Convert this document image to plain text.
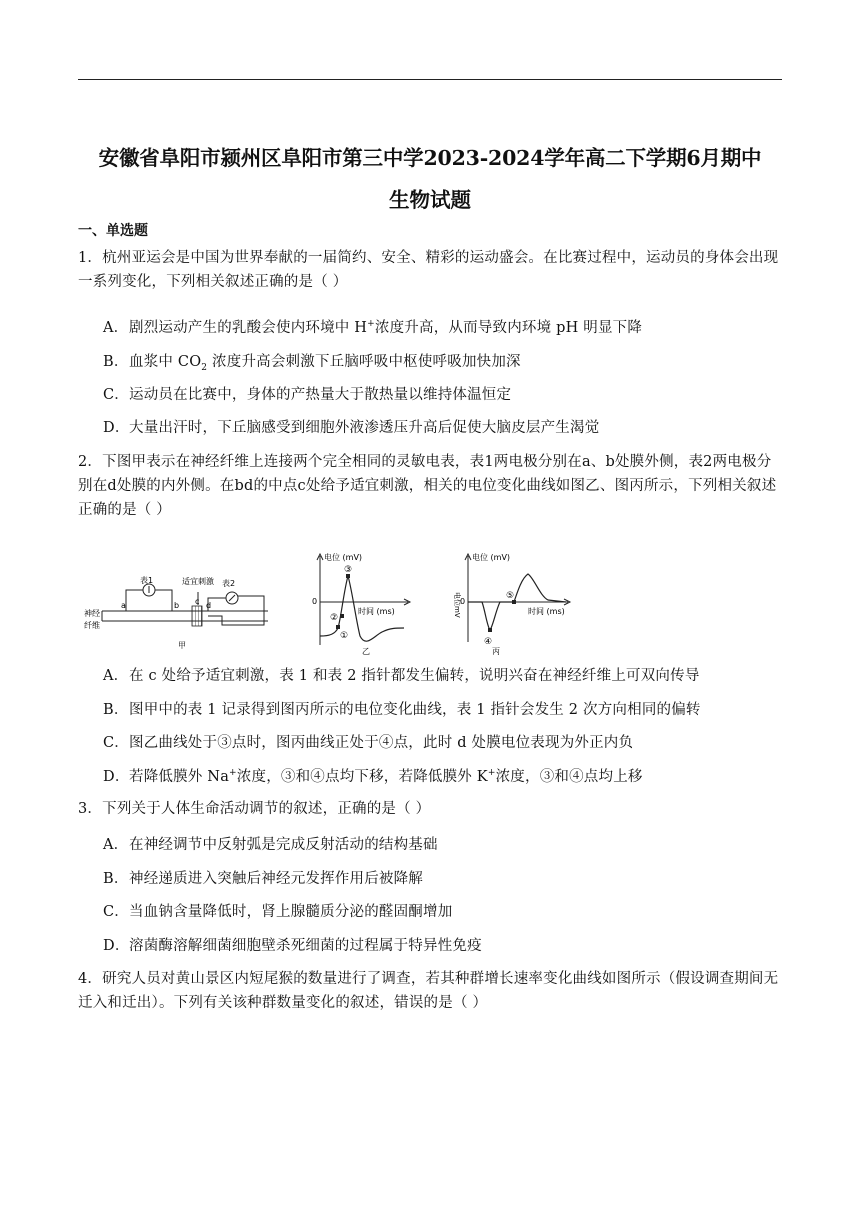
安徽省阜阳市颍州区阜阳市第三中学2023-2024学年高二下学期6月期中
生物试题
一、单选题

1．杭州亚运会是中国为世界奉献的一届简约、安全、精彩的运动盛会。在比赛过程中，运动员的身体会出现一系列变化，下列相关叙述正确的是（ ）

A．剧烈运动产生的乳酸会使内环境中 H+浓度升高，从而导致内环境 pH 明显下降
B．血浆中 $CO_2$ 浓度升高会刺激下丘脑呼吸中枢使呼吸加快加深
C．运动员在比赛中，身体的产热量大于散热量以维持体温恒定
D．大量出汗时，下丘脑感受到细胞外液渗透压升高后促使大脑皮层产生渴觉

2．下图甲表示在神经纤维上连接两个完全相同的灵敏电表，表1两电极分别在a、b处膜外侧，表2两电极分别在d处膜的内外侧。在bd的中点c处给予适宜刺激，相关的电位变化曲线如图乙、图丙所示，下列相关叙述正确的是（ ）

神经
纤维
表1	表2
适宜刺激
a	b c d
甲
电位 (mV)
时间 (ms)
0
①
②
③
乙
电位 (mV)
电位mV	时间 (ms)
0
④
⑤
丙
A．在 c 处给予适宜刺激，表 1 和表 2 指针都发生偏转，说明兴奋在神经纤维上可双向传导
B．图甲中的表 1 记录得到图丙所示的电位变化曲线，表 1 指针会发生 2 次方向相同的偏转
C．图乙曲线处于③点时，图丙曲线正处于④点，此时 d 处膜电位表现为外正内负
D．若降低膜外 Na+浓度，③和④点均下移，若降低膜外 K+浓度，③和④点均上移

3．下列关于人体生命活动调节的叙述，正确的是（ ）

A．在神经调节中反射弧是完成反射活动的结构基础
B．神经递质进入突触后神经元发挥作用后被降解
C．当血钠含量降低时，肾上腺髓质分泌的醛固酮增加
D．溶菌酶溶解细菌细胞壁杀死细菌的过程属于特异性免疫

4．研究人员对黄山景区内短尾猴的数量进行了调查，若其种群增长速率变化曲线如图所示（假设调查期间无迁入和迁出）。下列有关该种群数量变化的叙述，错误的是（ ）
